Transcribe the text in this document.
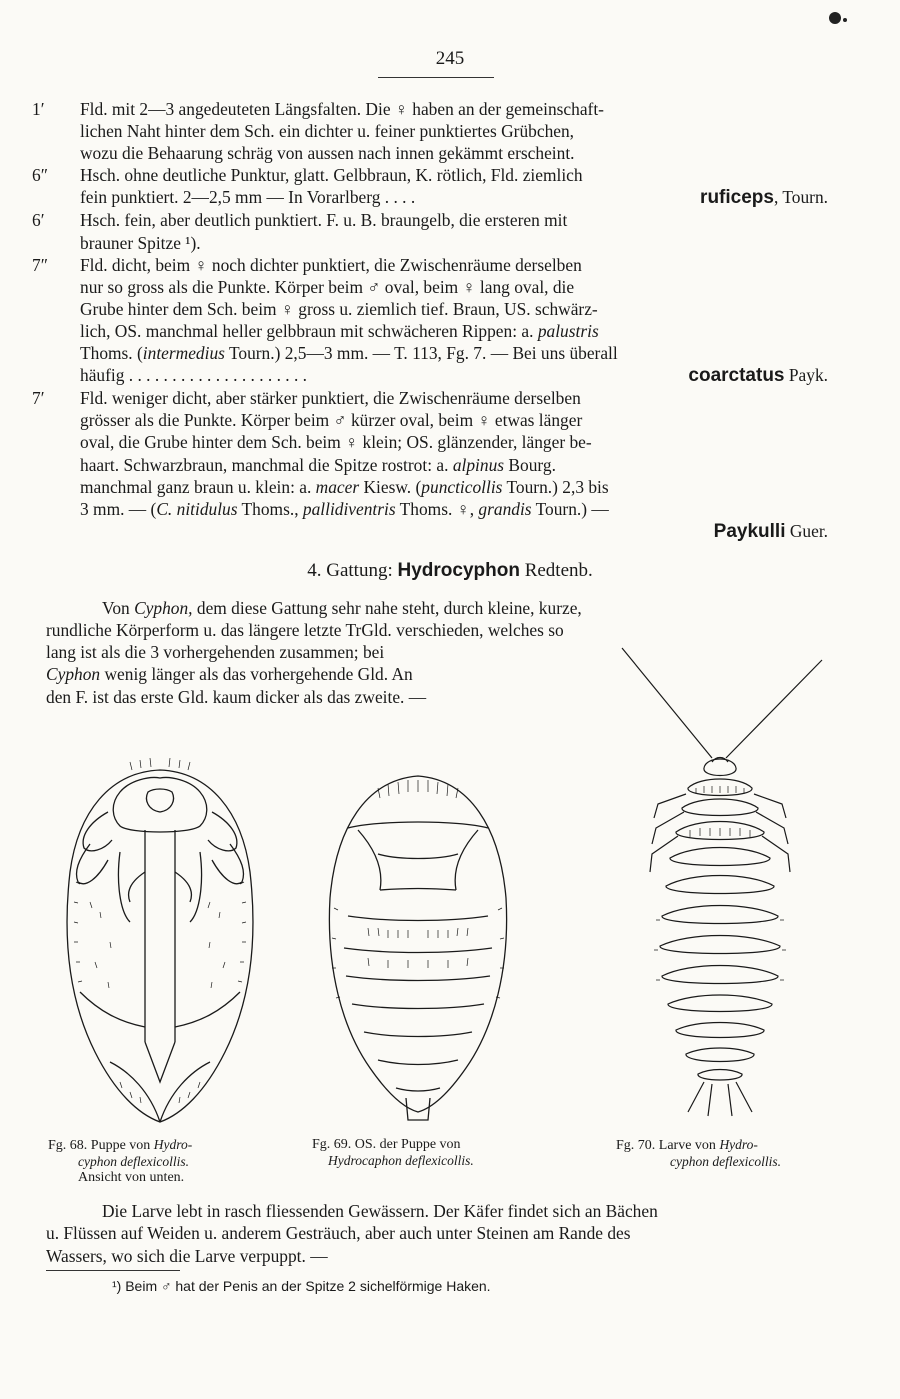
245
1′	Fld. mit 2—3 angedeuteten Längsfalten. Die ♀ haben an der gemeinschaft-
lichen Naht hinter dem Sch. ein dichter u. feiner punktiertes Grübchen,
wozu die Behaarung schräg von aussen nach innen gekämmt erscheint.
6″	Hsch. ohne deutliche Punktur, glatt. Gelbbraun, K. rötlich, Fld. ziemlich
fein punktiert. 2—2,5 mm — In Vorarlberg . . . .	ruficeps, Tourn.
6′	Hsch. fein, aber deutlich punktiert. F. u. B. braungelb, die ersteren mit
brauner Spitze ¹).
7″	Fld. dicht, beim ♀ noch dichter punktiert, die Zwischenräume derselben
nur so gross als die Punkte. Körper beim ♂ oval, beim ♀ lang oval, die
Grube hinter dem Sch. beim ♀ gross u. ziemlich tief. Braun, US. schwärz-
lich, OS. manchmal heller gelbbraun mit schwächeren Rippen: a. palustris
Thoms. (intermedius Tourn.) 2,5—3 mm. — T. 113, Fg. 7. — Bei uns überall
häufig . . . . . . . . . . . . . . . . . . . . .	coarctatus Payk.
7′	Fld. weniger dicht, aber stärker punktiert, die Zwischenräume derselben
grösser als die Punkte. Körper beim ♂ kürzer oval, beim ♀ etwas länger
oval, die Grube hinter dem Sch. beim ♀ klein; OS. glänzender, länger be-
haart. Schwarzbraun, manchmal die Spitze rostrot: a. alpinus Bourg.
manchmal ganz braun u. klein: a. macer Kiesw. (puncticollis Tourn.) 2,3 bis
3 mm. — (C. nitidulus Thoms., pallidiventris Thoms. ♀, grandis Tourn.) —
Paykulli Guer.
4. Gattung: Hydrocyphon Redtenb.

Von Cyphon, dem diese Gattung sehr nahe steht, durch kleine, kurze,

rundliche Körperform u. das längere letzte TrGld. verschieden, welches so
lang ist als die 3 vorhergehenden zusammen; bei
Cyphon wenig länger als das vorhergehende Gld. An
den F. ist das erste Gld. kaum dicker als das zweite. —
Fg. 68. Puppe von Hydro-
cyphon deflexicollis.
Ansicht von unten.
Fg. 69. OS. der Puppe von
Hydrocaphon deflexicollis.
Fg. 70. Larve von Hydro-
cyphon deflexicollis.

Die Larve lebt in rasch fliessenden Gewässern. Der Käfer findet sich an Bächen

u. Flüssen auf Weiden u. anderem Gesträuch, aber auch unter Steinen am Rande des
Wassers, wo sich die Larve verpuppt. —
¹) Beim ♂ hat der Penis an der Spitze 2 sichelförmige Haken.
